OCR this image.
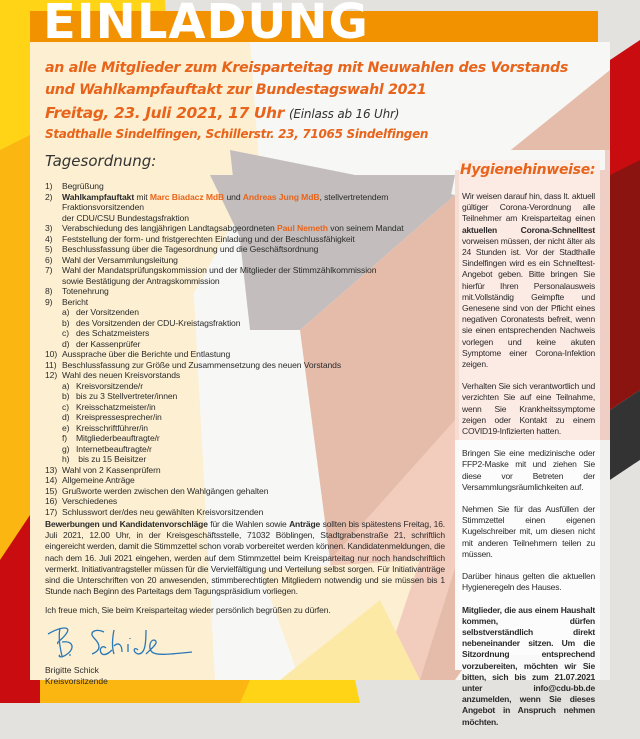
EINLADUNG
an alle Mitglieder zum Kreisparteitag mit Neuwahlen des Vorstands
und Wahlkampfauftakt zur Bundestagswahl 2021
Freitag, 23. Juli 2021, 17 Uhr (Einlass ab 16 Uhr)
Stadthalle Sindelfingen, Schillerstr. 23, 71065 Sindelfingen
Tagesordnung:
1)	Begrüßung
2)	Wahlkampfauftakt mit Marc Biadacz MdB und Andreas Jung MdB, stellvertretendem Fraktionsvorsitzenden
der CDU/CSU Bundestagsfraktion
3)	Verabschiedung des langjährigen Landtagsabgeordneten Paul Nemeth von seinem Mandat
4)	Feststellung der form- und fristgerechten Einladung und der Beschlussfähigkeit
5)	Beschlussfassung über die Tagesordnung und die Geschäftsordnung
6)	Wahl der Versammlungsleitung
7)	Wahl der Mandatsprüfungskommission und der Mitglieder der Stimmzählkommission
sowie Bestätigung der Antragskommission
8)	Totenehrung
9)	Bericht
a) der Vorsitzenden
b) des Vorsitzenden der CDU-Kreistagsfraktion
c) des Schatzmeisters
d) der Kassenprüfer
10) Aussprache über die Berichte und Entlastung
11) Beschlussfassung zur Größe und Zusammensetzung des neuen Vorstands
12) Wahl des neuen Kreisvorstands
a) Kreisvorsitzende/r
b) bis zu 3 Stellvertreter/innen
c) Kreisschatzmeister/in
d) Kreispressesprecher/in
e) Kreisschriftführer/in
f)	Mitgliederbeauftragte/r
g) Internetbeauftragte/r
h) bis zu 15 Beisitzer
13) Wahl von 2 Kassenprüfern
14) Allgemeine Anträge
15) Grußworte werden zwischen den Wahlgängen gehalten
16) Verschiedenes
17) Schlusswort der/des neu gewählten Kreisvorsitzenden
Bewerbungen und Kandidatenvorschläge für die Wahlen sowie Anträge sollten bis spätestens Freitag, 16. Juli 2021, 12.00 Uhr, in der Kreisgeschäftsstelle, 71032 Böblingen, Stadtgrabenstraße 21, schriftlich eingereicht werden, damit die Stimmzettel schon vorab vorbereitet werden können. Kandidatenmeldungen, die nach dem 16. Juli 2021 eingehen, werden auf dem Stimmzettel beim Kreisparteitag nur noch handschriftlich vermerkt. Initiativantragsteller müssen für die Vervielfältigung und Verteilung selbst sorgen. Für Initiativanträge sind die Unterschriften von 20 anwesenden, stimmberechtigten Mitgliedern notwendig und sie müssen bis 1 Stunde nach Beginn des Parteitags dem Tagungspräsidium vorliegen.
Ich freue mich, Sie beim Kreisparteitag wieder persönlich begrüßen zu dürfen.
Brigitte Schick
Kreisvorsitzende
Hygienehinweise:

Wir weisen darauf hin, dass lt. aktuell gültiger Corona-Verordnung alle Teilnehmer am Kreisparteitag einen aktuellen Corona-Schnelltest vorweisen müssen, der nicht älter als 24 Stunden ist. Vor der Stadthalle Sindelfingen wird es ein Schnelltest-Angebot geben. Bitte bringen Sie hierfür Ihren Personalausweis mit.Vollständig Geimpfte und Genesene sind von der Pflicht eines negativen Coronatests befreit, wenn sie einen entsprechenden Nachweis vorlegen und keine akuten Symptome einer Corona-Infektion zeigen.

Verhalten Sie sich verantwortlich und verzichten Sie auf eine Teilnahme, wenn Sie Krankheitssymptome zeigen oder Kontakt zu einem COVID19-Infizierten hatten.

Bringen Sie eine medizinische oder FFP2-Maske mit und ziehen Sie diese vor Betreten der Versammlungsräumlichkeiten auf.

Nehmen Sie für das Ausfüllen der Stimmzettel einen eigenen Kugelschreiber mit, um diesen nicht mit anderen Teilnehmern teilen zu müssen.

Darüber hinaus gelten die aktuellen Hygieneregeln des Hauses.

Mitglieder, die aus einem Haushalt kommen, dürfen selbstverständlich direkt nebeneinander sitzen. Um die Sitzordnung entsprechend vorzubereiten, möchten wir Sie bitten, sich bis zum 21.07.2021 unter info@cdu-bb.de anzumelden, wenn Sie dieses Angebot in Anspruch nehmen möchten.
